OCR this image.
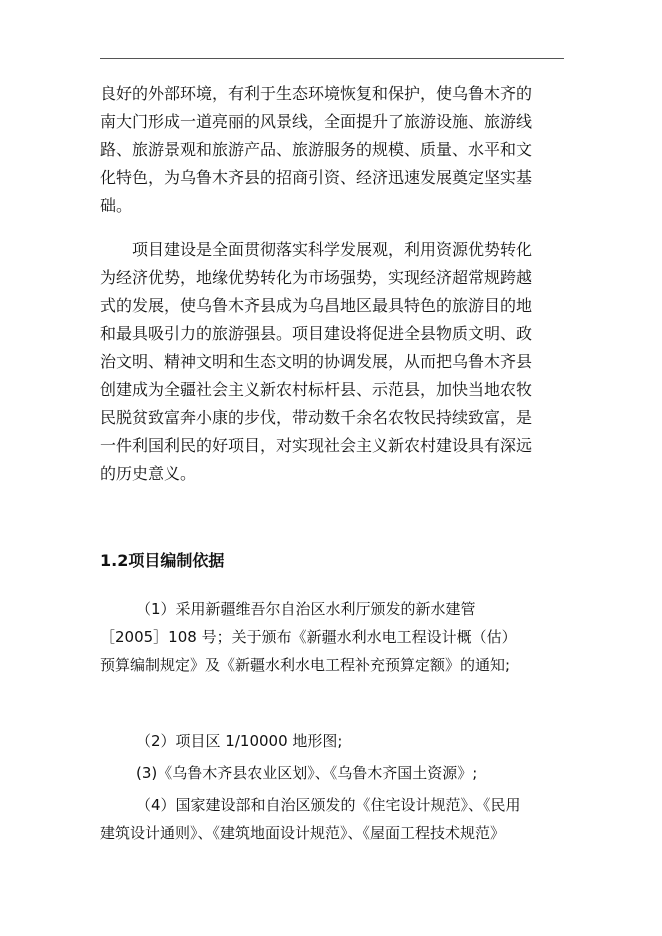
良好的外部环境，有利于生态环境恢复和保护，使乌鲁木齐的
南大门形成一道亮丽的风景线，全面提升了旅游设施、旅游线
路、旅游景观和旅游产品、旅游服务的规模、质量、水平和文
化特色，为乌鲁木齐县的招商引资、经济迅速发展奠定坚实基
础。

项目建设是全面贯彻落实科学发展观，利用资源优势转化
为经济优势，地缘优势转化为市场强势，实现经济超常规跨越
式的发展，使乌鲁木齐县成为乌昌地区最具特色的旅游目的地
和最具吸引力的旅游强县。项目建设将促进全县物质文明、政
治文明、精神文明和生态文明的协调发展，从而把乌鲁木齐县
创建成为全疆社会主义新农村标杆县、示范县，加快当地农牧
民脱贫致富奔小康的步伐，带动数千余名农牧民持续致富，是
一件利国利民的好项目，对实现社会主义新农村建设具有深远
的历史意义。

1.2项目编制依据

（1）采用新疆维吾尔自治区水利厅颁发的新水建管
［2005］108 号；关于颁布《新疆水利水电工程设计概（估）
预算编制规定》及《新疆水利水电工程补充预算定额》的通知;

（2）项目区 1/10000 地形图;

(3)《乌鲁木齐县农业区划》、《乌鲁木齐国土资源》;

（4）国家建设部和自治区颁发的《住宅设计规范》、《民用
建筑设计通则》、《建筑地面设计规范》、《屋面工程技术规范》
